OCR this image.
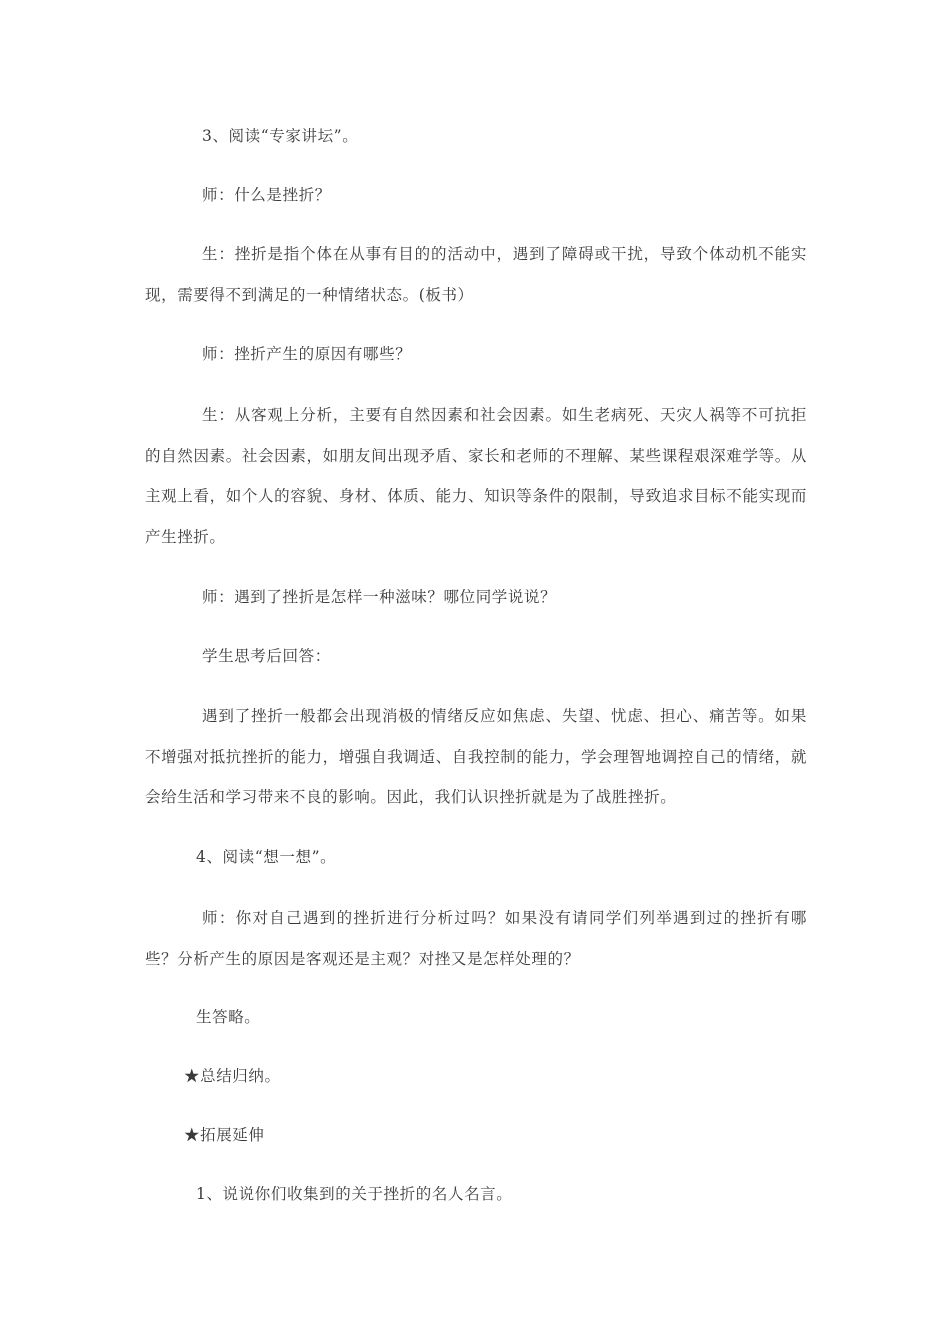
3、阅读“专家讲坛”。

师：什么是挫折？

生：挫折是指个体在从事有目的的活动中，遇到了障碍或干扰，导致个体动机不能实现，需要得不到满足的一种情绪状态。(板书）

师：挫折产生的原因有哪些？

生：从客观上分析，主要有自然因素和社会因素。如生老病死、天灾人祸等不可抗拒的自然因素。社会因素，如朋友间出现矛盾、家长和老师的不理解、某些课程艰深难学等。从主观上看，如个人的容貌、身材、体质、能力、知识等条件的限制，导致追求目标不能实现而产生挫折。

师：遇到了挫折是怎样一种滋味？哪位同学说说？

学生思考后回答：

遇到了挫折一般都会出现消极的情绪反应如焦虑、失望、忧虑、担心、痛苦等。如果不增强对抵抗挫折的能力，增强自我调适、自我控制的能力，学会理智地调控自己的情绪，就会给生活和学习带来不良的影响。因此，我们认识挫折就是为了战胜挫折。

4、阅读“想一想”。

师：你对自己遇到的挫折进行分析过吗？如果没有请同学们列举遇到过的挫折有哪些？分析产生的原因是客观还是主观？对挫又是怎样处理的？

生答略。

★总结归纳。

★拓展延伸

1、说说你们收集到的关于挫折的名人名言。
